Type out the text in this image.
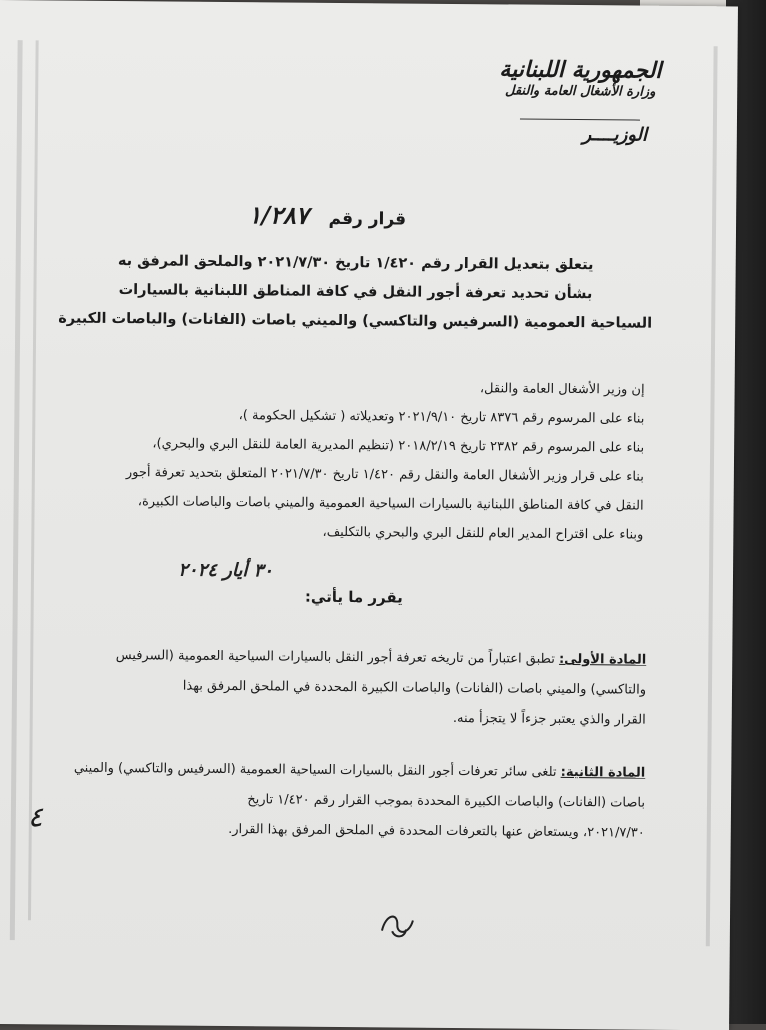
الجمهورية اللبنانية
وزارة الأشغال العامة والنقل
الوزيــــر
قرار رقم ١/٢٨٧
يتعلق بتعديل القرار رقم ١/٤٢٠ تاريخ ٢٠٢١/٧/٣٠ والملحق المرفق به
بشأن تحديد تعرفة أجور النقل في كافة المناطق اللبنانية بالسيارات
السياحية العمومية (السرفيس والتاكسي) والميني باصات (الفانات) والباصات الكبيرة
إن وزير الأشغال العامة والنقل،
بناء على المرسوم رقم ٨٣٧٦ تاريخ ٢٠٢١/٩/١٠ وتعديلاته ( تشكيل الحكومة )،
بناء على المرسوم رقم ٢٣٨٢ تاريخ ٢٠١٨/٢/١٩ (تنظيم المديرية العامة للنقل البري والبحري)،
بناء على قرار وزير الأشغال العامة والنقل رقم ١/٤٢٠ تاريخ ٢٠٢١/٧/٣٠ المتعلق بتحديد تعرفة أجور
النقل في كافة المناطق اللبنانية بالسيارات السياحية العمومية والميني باصات والباصات الكبيرة،
وبناء على اقتراح المدير العام للنقل البري والبحري بالتكليف،
٣٠ أيار ٢٠٢٤
يقرر ما يأتي:
المادة الأولى: تطبق اعتباراً من تاريخه تعرفة أجور النقل بالسيارات السياحية العمومية (السرفيس
والتاكسي) والميني باصات (الفانات) والباصات الكبيرة المحددة في الملحق المرفق بهذا
القرار والذي يعتبر جزءاً لا يتجزأ منه.
المادة الثانية: تلغى سائر تعرفات أجور النقل بالسيارات السياحية العمومية (السرفيس والتاكسي) والميني
باصات (الفانات) والباصات الكبيرة المحددة بموجب القرار رقم ١/٤٢٠ تاريخ
٢٠٢١/٧/٣٠، ويستعاض عنها بالتعرفات المحددة في الملحق المرفق بهذا القرار.
٤
